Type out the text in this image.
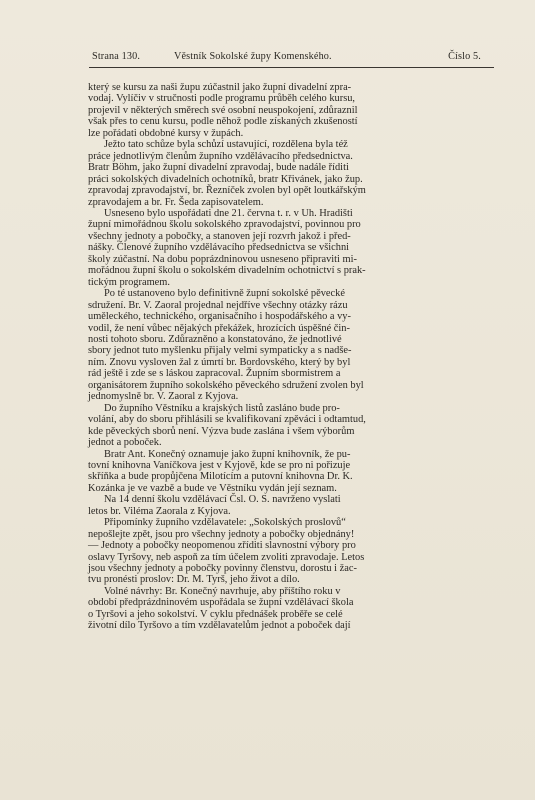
Strana 130.	Věstník Sokolské župy Komenského.	Číslo 5.
který se kursu za naši župu zúčastnil jako župní divadelní zpra-
vodaj. Vylíčiv v stručnosti podle programu průběh celého kursu,
projevil v některých směrech své osobní neuspokojení, zdůraznil
však přes to cenu kursu, podle něhož podle získaných zkušeností
lze pořádati obdobné kursy v župách.
Ježto tato schůze byla schůzí ustavující, rozdělena byla též
práce jednotlivým členům župního vzdělávacího předsednictva.
Bratr Böhm, jako župní divadelní zpravodaj, bude nadále říditi
práci sokolských divadelních ochotníků, bratr Křivánek, jako žup.
zpravodaj zpravodajství, br. Řezníček zvolen byl opět loutkářským
zpravodajem a br. Fr. Šeda zapisovatelem.
Usneseno bylo uspořádati dne 21. června t. r. v Uh. Hradišti
župní mimořádnou školu sokolského zpravodajství, povinnou pro
všechny jednoty a pobočky, a stanoven její rozvrh jakož i před-
nášky. Členové župního vzdělávacího předsednictva se všichni
školy zúčastní. Na dobu poprázdninovou usneseno připraviti mi-
mořádnou župní školu o sokolském divadelním ochotnictví s prak-
tickým programem.
Po té ustanoveno bylo definitivně župní sokolské pěvecké
sdružení. Br. V. Zaoral projednal nejdříve všechny otázky rázu
uměleckého, technického, organisačního i hospodářského a vy-
vodil, že není vůbec nějakých překážek, hrozících úspěšné čin-
nosti tohoto sboru. Zdůrazněno a konstatováno, že jednotlivé
sbory jednot tuto myšlenku přijaly velmi sympaticky a s nadše-
ním. Znovu vysloven žal z úmrtí br. Bordovského, který by byl
rád ještě i zde se s láskou zapracoval. Župním sbormistrem a
organisátorem župního sokolského pěveckého sdružení zvolen byl
jednomyslně br. V. Zaoral z Kyjova.
Do župního Věstníku a krajských listů zasláno bude pro-
volání, aby do sboru přihlásili se kvalifikovaní zpěváci i odtamtud,
kde pěveckých sborů není. Výzva bude zaslána i všem výborům
jednot a poboček.
Bratr Ant. Konečný oznamuje jako župní knihovník, že pu-
tovní knihovna Vaníčkova jest v Kyjově, kde se pro ni pořizuje
skříňka a bude propůjčena Milotícím a putovní knihovna Dr. K.
Kozánka je ve vazbě a bude ve Věstníku vydán její seznam.
Na 14 denní školu vzdělávací Čsl. O. S. navrženo vyslati
letos br. Viléma Zaorala z Kyjova.
Připomínky župního vzdělavatele: „Sokolských proslovů“
nepošlejte zpět, jsou pro všechny jednoty a pobočky objednány!
— Jednoty a pobočky neopomenou zříditi slavnostní výbory pro
oslavy Tyršovy, neb aspoň za tím účelem zvoliti zpravodaje. Letos
jsou všechny jednoty a pobočky povinny členstvu, dorostu i žac-
tvu pronésti proslov: Dr. M. Tyrš, jeho život a dílo.
Volné návrhy: Br. Konečný navrhuje, aby příštího roku v
období předprázdninovém uspořádala se župní vzdělávací škola
o Tyršovi a jeho sokolství. V cyklu přednášek proběře se celé
životní dílo Tyršovo a tím vzdělavatelům jednot a poboček dají
